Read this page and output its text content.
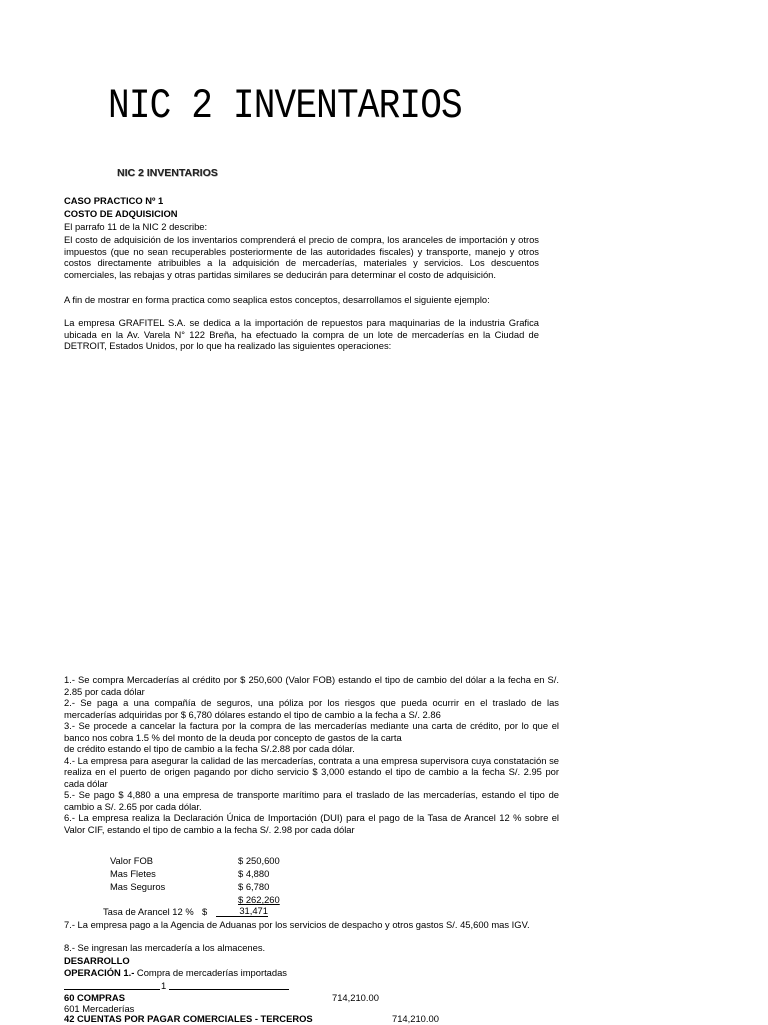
NIC 2 INVENTARIOS
NIC 2 INVENTARIOS
CASO PRACTICO Nº 1
COSTO DE ADQUISICION
El parrafo 11 de la NIC 2 describe:
El costo de adquisición de los inventarios comprenderá el precio de compra, los aranceles de importación y otros impuestos (que no sean recuperables posteriormente de las autoridades fiscales) y transporte, manejo y otros costos directamente atribuibles a la adquisición de mercaderías, materiales y servicios. Los descuentos comerciales, las rebajas y otras partidas similares se deducirán para determinar el costo de adquisición.
A fin de mostrar en forma practica como seaplica estos conceptos, desarrollamos el siguiente ejemplo:
La empresa GRAFITEL S.A. se dedica a la importación de repuestos para maquinarias de la industria Grafica ubicada en la Av. Varela N° 122 Breña, ha efectuado la compra de un lote de mercaderías en la Ciudad de DETROIT, Estados Unidos, por lo que ha realizado las siguientes operaciones:
1.- Se compra Mercaderías al crédito por $ 250,600 (Valor FOB) estando el tipo de cambio del dólar a la fecha en S/. 2.85 por cada dólar
2.- Se paga a una compañía de seguros, una póliza por los riesgos que pueda ocurrir en el traslado de las mercaderías adquiridas por $ 6,780 dólares estando el tipo de cambio a la fecha a S/. 2.86
3.- Se procede a cancelar la factura por la compra de las mercaderías mediante una carta de crédito, por lo que el banco nos cobra 1.5 % del monto de la deuda por concepto de gastos de la carta
de crédito estando el tipo de cambio a la fecha S/.2.88 por cada dólar.
4.- La empresa para asegurar la calidad de las mercaderías, contrata a una empresa supervisora cuya constatación se realiza en el puerto de origen pagando por dicho servicio $ 3,000 estando el tipo de cambio a la fecha S/. 2.95 por cada dólar
5.- Se pago $ 4,880 a una empresa de transporte marítimo para el traslado de las mercaderías, estando el tipo de cambio a S/. 2.65 por cada dólar.
6.- La empresa realiza la Declaración Única de Importación (DUI) para el pago de la Tasa de Arancel 12 % sobre el Valor CIF, estando el tipo de cambio a la fecha S/. 2.98 por cada dólar
Valor FOB	$ 250,600
Mas Fletes	$ 4,880
Mas Seguros	$ 6,780
$ 262,260
Tasa de Arancel 12 % $	31,471
7.- La empresa pago a la Agencia de Aduanas por los servicios de despacho y otros gastos S/. 45,600 mas IGV.
8.- Se ingresan las mercadería a los almacenes.
DESARROLLO
OPERACIÓN 1.- Compra de mercaderías importadas
1
60 COMPRAS	714,210.00
601 Mercaderías
42 CUENTAS POR PAGAR COMERCIALES - TERCEROS	714,210.00
